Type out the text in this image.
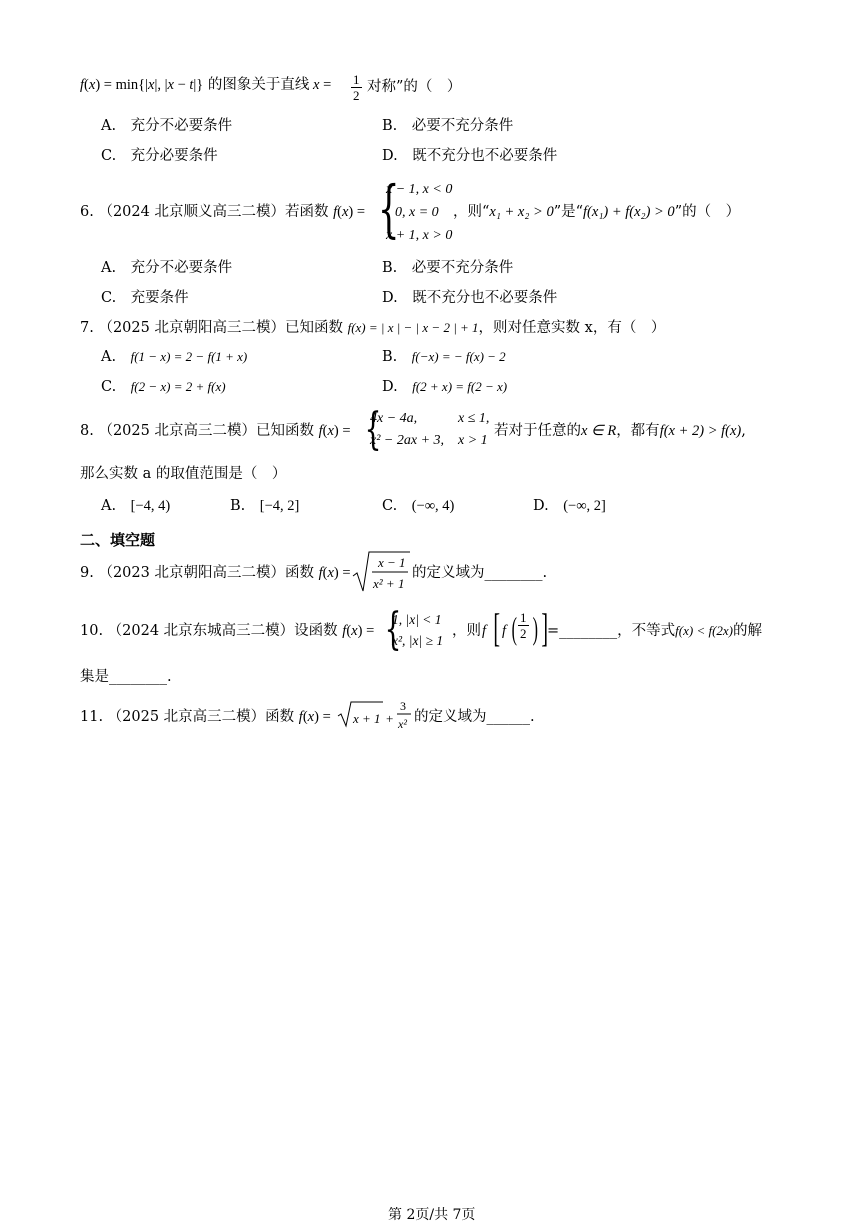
f(x) = min{|x|, |x − t|} 的图象关于直线 $x = \frac{1}{2}$ 对称”的（　）
A.　充分不必要条件	B.　必要不充分条件
C.　充分必要条件	D.　既不充分也不必要条件
6. （2024 北京顺义高三二模）若函数 f(x) = {
x − 1, x < 0
0, x = 0
x + 1, x > 0
，则“x₁ + x₂ > 0”是“f(x₁) + f(x₂) > 0”的（　）
A.　充分不必要条件	B.　必要不充分条件
C.　充要条件	D.　既不充分也不必要条件
7. （2025 北京朝阳高三二模）已知函数 f(x) = | x | − | x − 2 | + 1，则对任意实数 x，有（　）
A.　f(1 − x) = 2 − f(1 + x)	B.　f(−x) = − f(x) − 2
C.　f(2 − x) = 2 + f(x)	D.　f(2 + x) = f(2 − x)
8. （2025 北京高三二模）已知函数 f(x) = {
4x − 4a,	x ≤ 1,
x² − 2ax + 3, x > 1
若对于任意的x ∈ R，都有f(x + 2) > f(x),
那么实数 a 的取值范围是（　）
A.　[−4, 4)	B.　[−4, 2]	C.　(−∞, 4)	D.　(−∞, 2]
二、填空题
9. （2023 北京朝阳高三二模）函数 f(x) =
x − 1
x² + 1
的定义域为________.
10. （2024 北京东城高三二模）设函数 f(x) = {
1, |x| < 1
x², |x| ≥ 1
，则 f [ f ( $\frac{1}{2}$ ) ] =________，不等式f(x) < f(2x)的解
集是________.
11. （2025 北京高三二模）函数 f(x) = x + 1 +
3
x² 的定义域为______.
第 2页/共 7页
